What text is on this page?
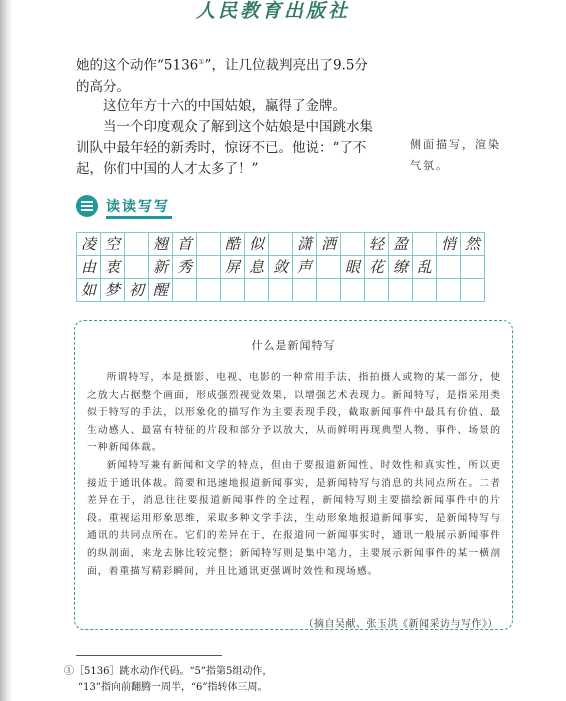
人民教育出版社
她的这个动作“5136①”，让几位裁判亮出了9.5分
的高分。
这位年方十六的中国姑娘，赢得了金牌。
当一个印度观众了解到这个姑娘是中国跳水集
训队中最年轻的新秀时，惊讶不已。他说：“了不
起，你们中国的人才太多了！”
侧面描写，渲染
气氛。
读读写写
凌	空		翘	首		酷	似		潇	洒		轻	盈		悄	然
由	衷		新	秀		屏	息	敛	声		眼	花	缭	乱		
如	梦	初	醒													
什么是新闻特写
所谓特写，本是摄影、电视、电影的一种常用手法，指拍摄人或物的某一部分，使之放大占据整个画面，形成强烈视觉效果，以增强艺术表现力。新闻特写，是指采用类似于特写的手法，以形象化的描写作为主要表现手段，截取新闻事件中最具有价值、最生动感人、最富有特征的片段和部分予以放大，从而鲜明再现典型人物、事件、场景的一种新闻体裁。
新闻特写兼有新闻和文学的特点，但由于要报道新闻性、时效性和真实性，所以更接近于通讯体裁。简要和迅速地报道新闻事实，是新闻特写与消息的共同点所在。二者差异在于，消息往往要报道新闻事件的全过程，新闻特写则主要描绘新闻事件中的片段。重视运用形象思维，采取多种文学手法，生动形象地报道新闻事实，是新闻特写与通讯的共同点所在。它们的差异在于，在报道同一新闻事实时，通讯一般展示新闻事件的纵剖面，来龙去脉比较完整；新闻特写则是集中笔力，主要展示新闻事件的某一横剖面，着重描写精彩瞬间，并且比通讯更强调时效性和现场感。
（摘自吴献、张玉洪《新闻采访与写作》）
①［5136］跳水动作代码。“5”指第5组动作，
“13”指向前翻腾一周半，“6”指转体三周。
